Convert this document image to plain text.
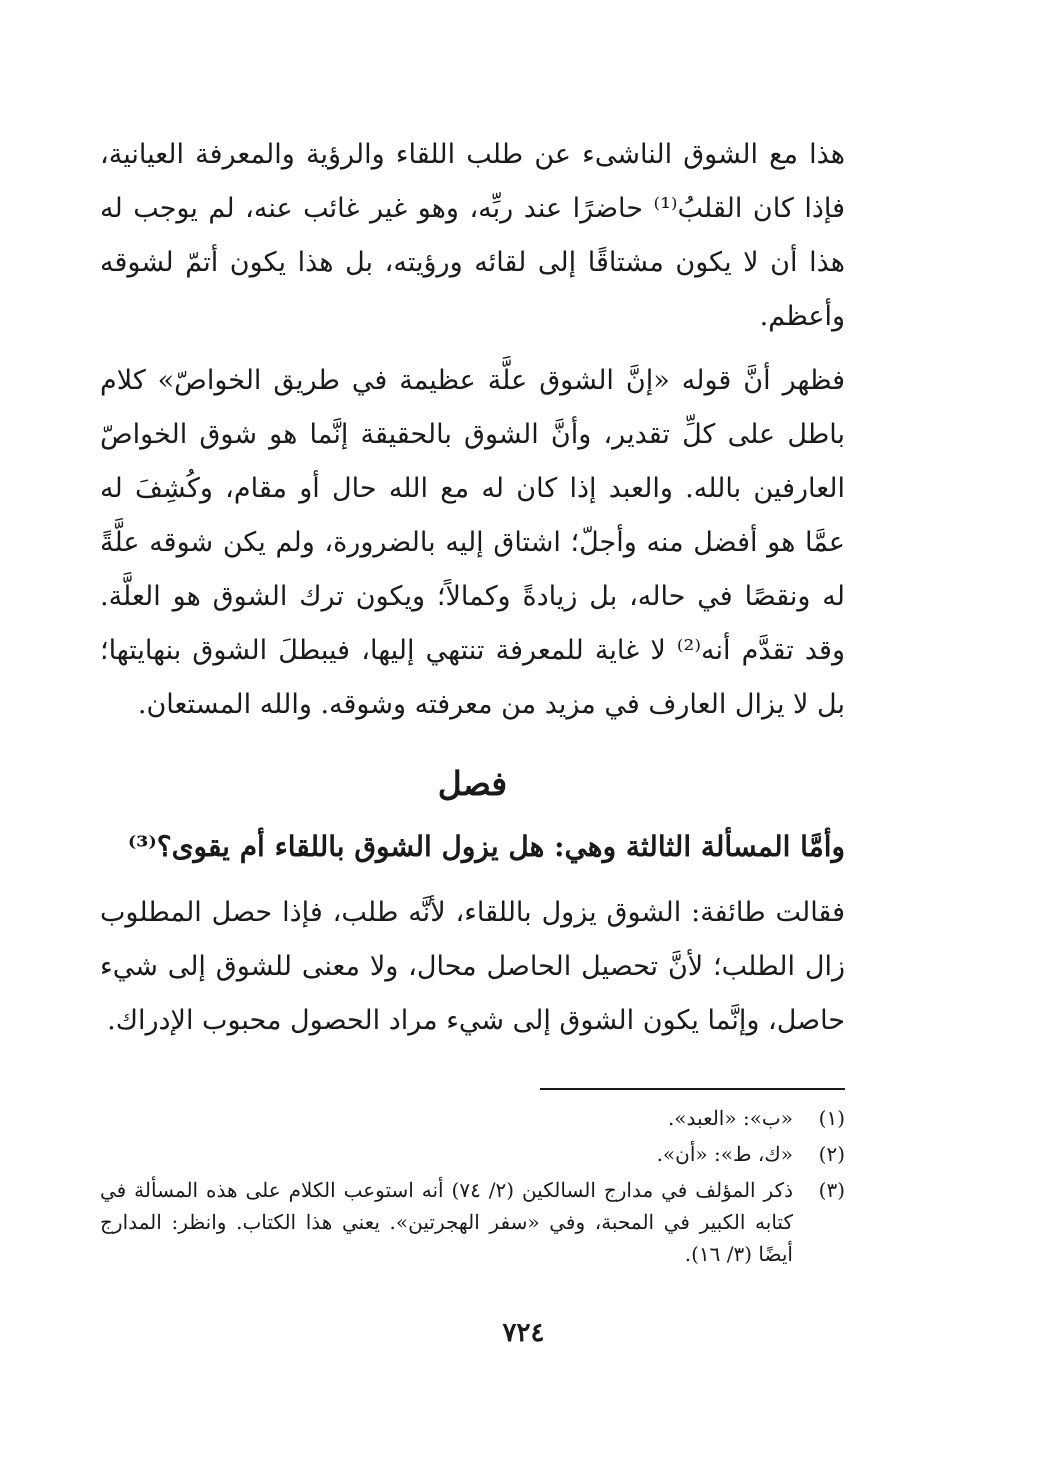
هذا مع الشوق الناشىء عن طلب اللقاء والرؤية والمعرفة العيانية، فإذا كان القلبُ⁽¹⁾ حاضرًا عند ربِّه، وهو غير غائب عنه، لم يوجب له هذا أن لا يكون مشتاقًا إلى لقائه ورؤيته، بل هذا يكون أتمّ لشوقه وأعظم.

فظهر أنَّ قوله «إنَّ الشوق علَّة عظيمة في طريق الخواصّ» كلام باطل على كلِّ تقدير، وأنَّ الشوق بالحقيقة إنَّما هو شوق الخواصّ العارفين بالله. والعبد إذا كان له مع الله حال أو مقام، وكُشِفَ له عمَّا هو أفضل منه وأجلّ؛ اشتاق إليه بالضرورة، ولم يكن شوقه علَّةً له ونقصًا في حاله، بل زيادةً وكمالاً؛ ويكون ترك الشوق هو العلَّة. وقد تقدَّم أنه⁽²⁾ لا غاية للمعرفة تنتهي إليها، فيبطلَ الشوق بنهايتها؛ بل لا يزال العارف في مزيد من معرفته وشوقه. والله المستعان.

فصل
وأمَّا المسألة الثالثة وهي: هل يزول الشوق باللقاء أم يقوى؟⁽³⁾

فقالت طائفة: الشوق يزول باللقاء، لأنَّه طلب، فإذا حصل المطلوب زال الطلب؛ لأنَّ تحصيل الحاصل محال، ولا معنى للشوق إلى شيء حاصل، وإنَّما يكون الشوق إلى شيء مراد الحصول محبوب الإدراك.

(١)
«ب»: «العبد».
(٢)
«ك، ط»: «أن».
(٣)
ذكر المؤلف في مدارج السالكين (٢/ ٧٤) أنه استوعب الكلام على هذه المسألة في كتابه الكبير في المحبة، وفي «سفر الهجرتين». يعني هذا الكتاب. وانظر: المدارج أيضًا (٣/ ١٦).
٧٢٤
